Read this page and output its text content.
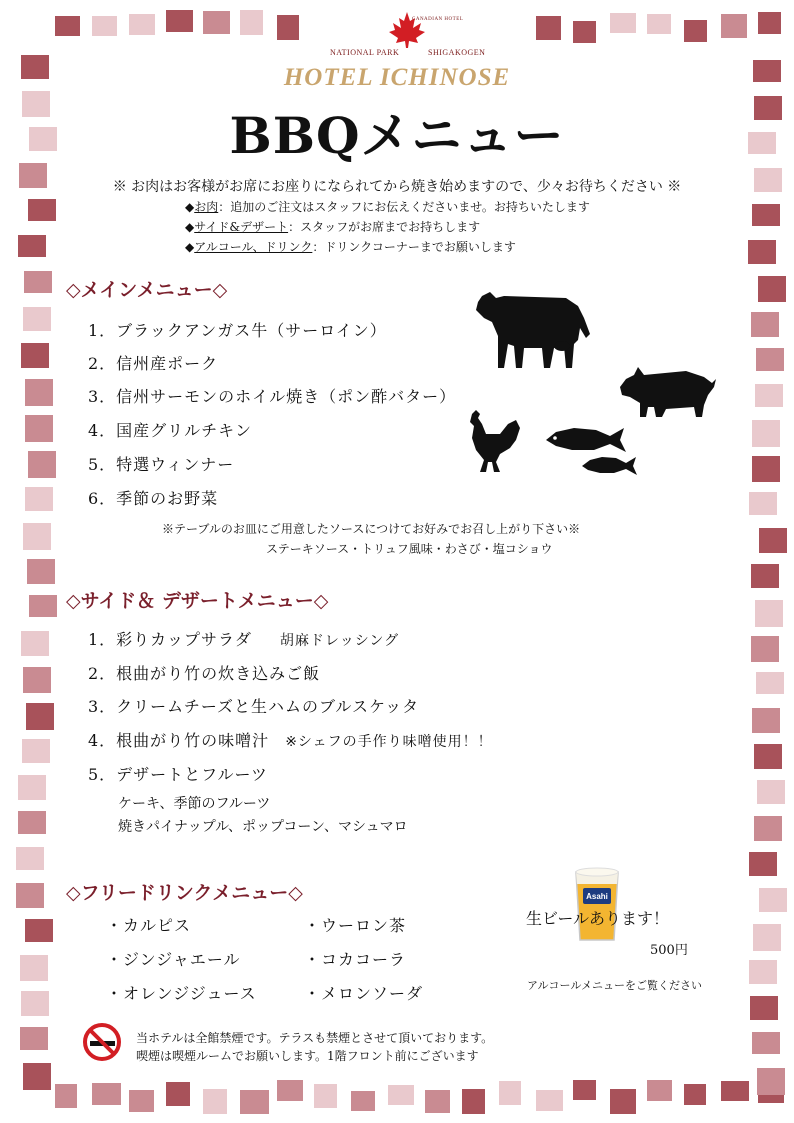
CANADIAN HOTEL
NATIONAL PARK	SHIGAKOGEN
HOTEL ICHINOSE
BBQメニュー
※ お肉はお客様がお席にお座りになられてから焼き始めますので、少々お待ちください ※
◆お肉：追加のご注文はスタッフにお伝えくださいませ。お持ちいたします
◆サイド&デザート：スタッフがお席までお持ちします
◆アルコール、ドリンク：ドリンクコーナーまでお願いします
◇メインメニュー◇
1．ブラックアンガス牛（サーロイン）
2．信州産ポーク
3．信州サーモンのホイル焼き（ポン酢バター）
4．国産グリルチキン
5．特選ウィンナー
6．季節のお野菜
※テーブルのお皿にご用意したソースにつけてお好みでお召し上がり下さい※
ステーキソース・トリュフ風味・わさび・塩コショウ
◇サイド＆ デザートメニュー◇
1．彩りカップサラダ 胡麻ドレッシング
2．根曲がり竹の炊き込みご飯
3．クリームチーズと生ハムのブルスケッタ
4．根曲がり竹の味噌汁 ※シェフの手作り味噌使用！！
5．デザートとフルーツ
ケーキ、季節のフルーツ
焼きパイナップル、ポップコーン、マシュマロ
◇フリードリンクメニュー◇
・カルピス
・ジンジャエール
・オレンジジュース
・ウーロン茶
・コカコーラ
・メロンソーダ
Asahi
生ビールあります！
500円
アルコールメニューをご覧ください
当ホテルは全館禁煙です。テラスも禁煙とさせて頂いております。
喫煙は喫煙ルームでお願いします。1階フロント前にございます
